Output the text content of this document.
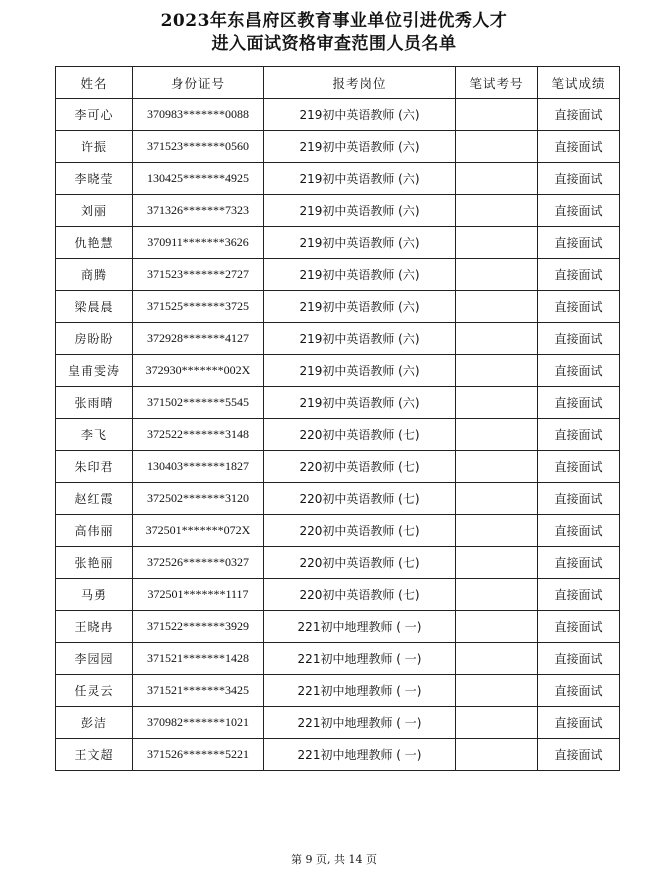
2023年东昌府区教育事业单位引进优秀人才
进入面试资格审查范围人员名单
姓名	身份证号	报考岗位	笔试考号	笔试成绩
李可心	370983*******0088	219初中英语教师 (六)		直接面试
许振	371523*******0560	219初中英语教师 (六)		直接面试
李晓莹	130425*******4925	219初中英语教师 (六)		直接面试
刘丽	371326*******7323	219初中英语教师 (六)		直接面试
仇艳慧	370911*******3626	219初中英语教师 (六)		直接面试
商腾	371523*******2727	219初中英语教师 (六)		直接面试
梁晨晨	371525*******3725	219初中英语教师 (六)		直接面试
房盼盼	372928*******4127	219初中英语教师 (六)		直接面试
皇甫雯涛	372930*******002X	219初中英语教师 (六)		直接面试
张雨晴	371502*******5545	219初中英语教师 (六)		直接面试
李飞	372522*******3148	220初中英语教师 (七)		直接面试
朱印君	130403*******1827	220初中英语教师 (七)		直接面试
赵红霞	372502*******3120	220初中英语教师 (七)		直接面试
高伟丽	372501*******072X	220初中英语教师 (七)		直接面试
张艳丽	372526*******0327	220初中英语教师 (七)		直接面试
马勇	372501*******1117	220初中英语教师 (七)		直接面试
王晓冉	371522*******3929	221初中地理教师 ( 一)		直接面试
李园园	371521*******1428	221初中地理教师 ( 一)		直接面试
任灵云	371521*******3425	221初中地理教师 ( 一)		直接面试
彭洁	370982*******1021	221初中地理教师 ( 一)		直接面试
王文超	371526*******5221	221初中地理教师 ( 一)		直接面试
第 9 页, 共 14 页
